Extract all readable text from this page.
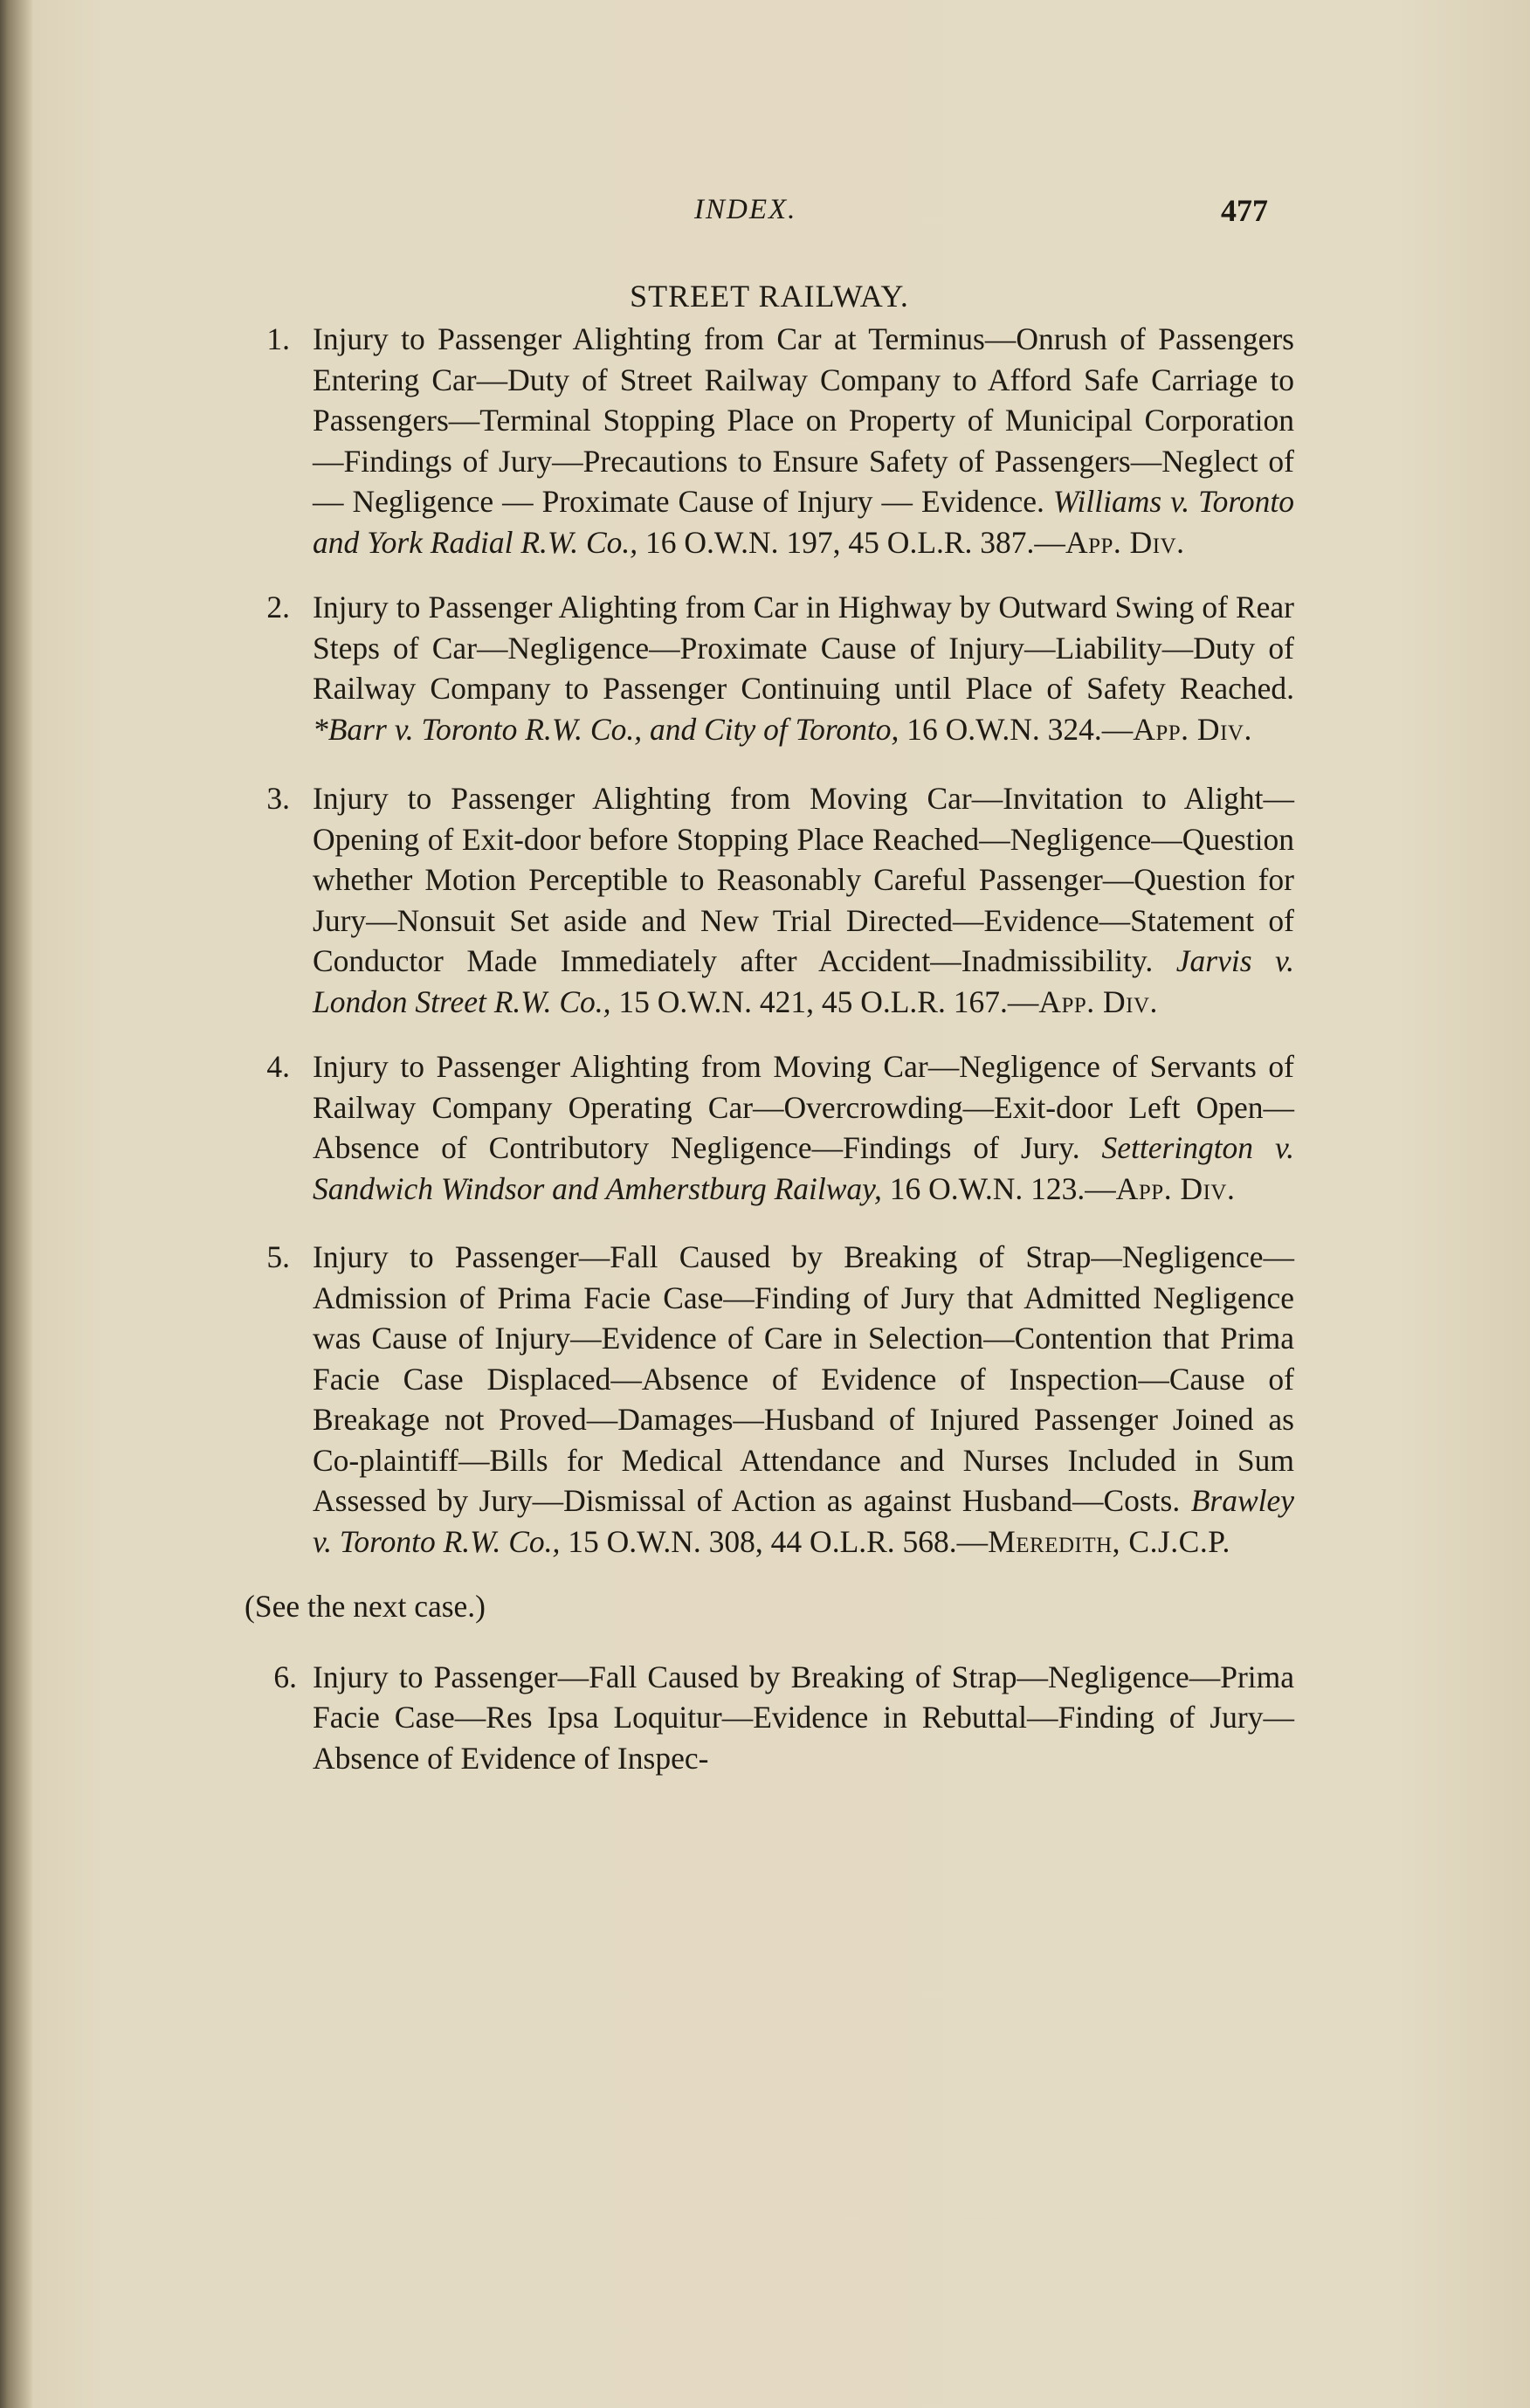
INDEX.	477
STREET RAILWAY.
1. Injury to Passenger Alighting from Car at Terminus—Onrush of Passengers Entering Car—Duty of Street Railway Company to Afford Safe Carriage to Passengers—Terminal Stopping Place on Property of Municipal Corporation—Findings of Jury—Precautions to Ensure Safety of Passengers—Neglect of — Negligence — Proximate Cause of Injury — Evidence. Williams v. Toronto and York Radial R.W. Co., 16 O.W.N. 197, 45 O.L.R. 387.—App. Div.
2. Injury to Passenger Alighting from Car in Highway by Outward Swing of Rear Steps of Car—Negligence—Proximate Cause of Injury—Liability—Duty of Railway Company to Passenger Continuing until Place of Safety Reached. *Barr v. Toronto R.W. Co., and City of Toronto, 16 O.W.N. 324.—App. Div.
3. Injury to Passenger Alighting from Moving Car—Invitation to Alight—Opening of Exit-door before Stopping Place Reached—Negligence—Question whether Motion Perceptible to Reasonably Careful Passenger—Question for Jury—Nonsuit Set aside and New Trial Directed—Evidence—Statement of Conductor Made Immediately after Accident—Inadmissibility. Jarvis v. London Street R.W. Co., 15 O.W.N. 421, 45 O.L.R. 167.—App. Div.
4. Injury to Passenger Alighting from Moving Car—Negligence of Servants of Railway Company Operating Car—Overcrowding—Exit-door Left Open—Absence of Contributory Negligence—Findings of Jury. Setterington v. Sandwich Windsor and Amherstburg Railway, 16 O.W.N. 123.—App. Div.
5. Injury to Passenger—Fall Caused by Breaking of Strap—Negligence—Admission of Prima Facie Case—Finding of Jury that Admitted Negligence was Cause of Injury—Evidence of Care in Selection—Contention that Prima Facie Case Displaced—Absence of Evidence of Inspection—Cause of Breakage not Proved—Damages—Husband of Injured Passenger Joined as Co-plaintiff—Bills for Medical Attendance and Nurses Included in Sum Assessed by Jury—Dismissal of Action as against Husband—Costs. Brawley v. Toronto R.W. Co., 15 O.W.N. 308, 44 O.L.R. 568.—Meredith, C.J.C.P.
(See the next case.)
6. Injury to Passenger—Fall Caused by Breaking of Strap—Negligence—Prima Facie Case—Res Ipsa Loquitur—Evidence in Rebuttal—Finding of Jury—Absence of Evidence of Inspec-
